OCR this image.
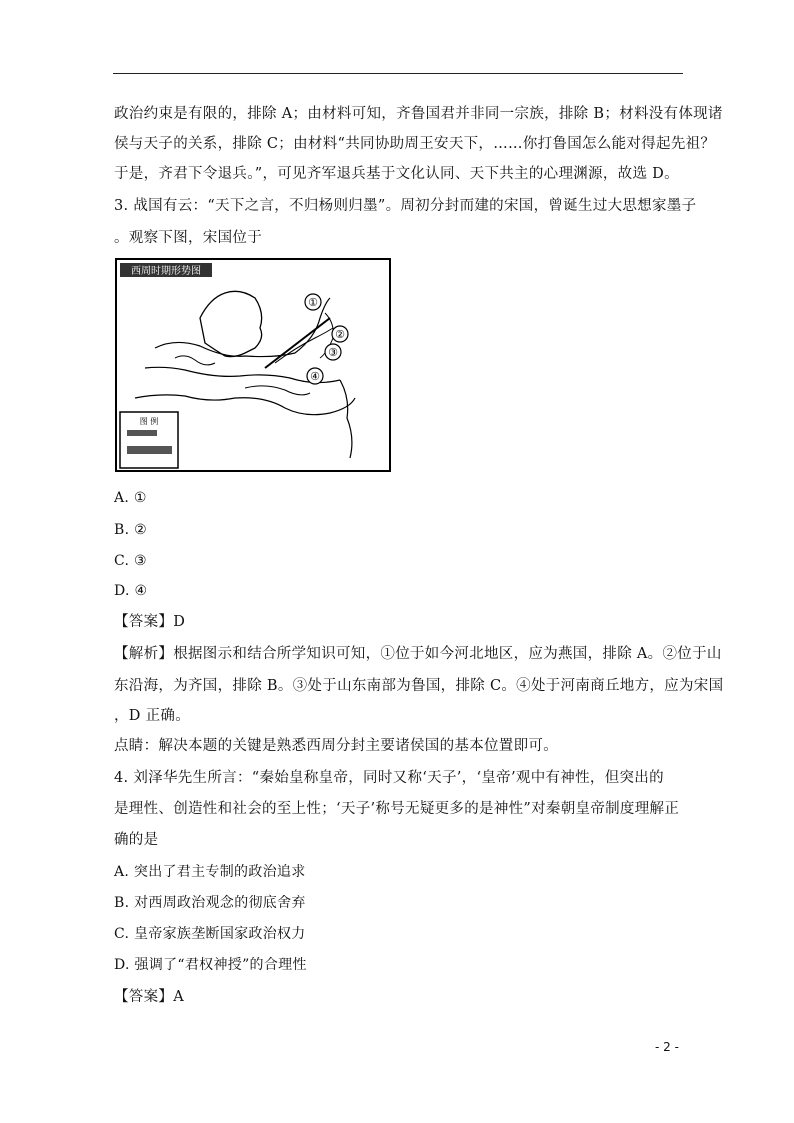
政治约束是有限的，排除 A；由材料可知，齐鲁国君并非同一宗族，排除 B；材料没有体现诸
侯与天子的关系，排除 C；由材料“共同协助周王安天下，……你打鲁国怎么能对得起先祖？
于是，齐君下令退兵。”，可见齐军退兵基于文化认同、天下共主的心理渊源，故选 D。
3. 战国有云：“天下之言，不归杨则归墨”。周初分封而建的宋国，曾诞生过大思想家墨子
。观察下图，宋国位于
西周时期形势图
①
②
③
④
图 例
A. ①
B. ②
C. ③
D. ④
【答案】D
【解析】根据图示和结合所学知识可知，①位于如今河北地区，应为燕国，排除 A。②位于山
东沿海，为齐国，排除 B。③处于山东南部为鲁国，排除 C。④处于河南商丘地方，应为宋国
，D 正确。
点睛：解决本题的关键是熟悉西周分封主要诸侯国的基本位置即可。
4. 刘泽华先生所言：“秦始皇称皇帝，同时又称‘天子’，‘皇帝’观中有神性，但突出的
是理性、创造性和社会的至上性；‘天子’称号无疑更多的是神性”对秦朝皇帝制度理解正
确的是
A. 突出了君主专制的政治追求
B. 对西周政治观念的彻底舍弃
C. 皇帝家族垄断国家政治权力
D. 强调了“君权神授”的合理性
【答案】A
- 2 -
